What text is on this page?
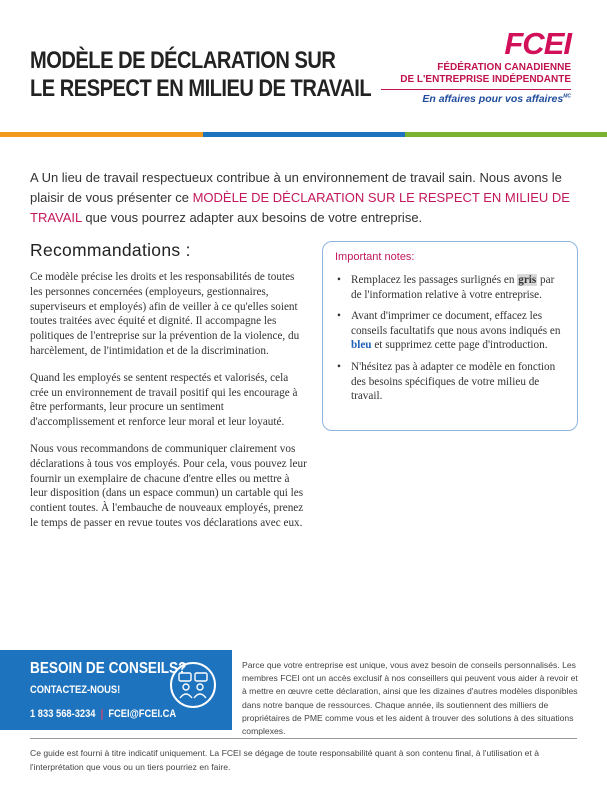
MODÈLE DE DÉCLARATION SUR
LE RESPECT EN MILIEU DE TRAVAIL
FCEI
FÉDÉRATION CANADIENNE
DE L'ENTREPRISE INDÉPENDANTE
En affaires pour vos affaires$^{MC}$
A Un lieu de travail respectueux contribue à un environnement de travail sain. Nous avons le plaisir de vous présenter ce MODÈLE DE DÉCLARATION SUR LE RESPECT EN MILIEU DE TRAVAIL que vous pourrez adapter aux besoins de votre entreprise.
Recommandations :

Ce modèle précise les droits et les responsabilités de toutes les personnes concernées (employeurs, gestionnaires, superviseurs et employés) afin de veiller à ce qu'elles soient toutes traitées avec équité et dignité. Il accompagne les politiques de l'entreprise sur la prévention de la violence, du harcèlement, de l'intimidation et de la discrimination.

Quand les employés se sentent respectés et valorisés, cela crée un environnement de travail positif qui les encourage à être performants, leur procure un sentiment d'accomplissement et renforce leur moral et leur loyauté.

Nous vous recommandons de communiquer clairement vos déclarations à tous vos employés. Pour cela, vous pouvez leur fournir un exemplaire de chacune d'entre elles ou mettre à leur disposition (dans un espace commun) un cartable qui les contient toutes. À l'embauche de nouveaux employés, prenez le temps de passer en revue toutes vos déclarations avec eux.

Important notes:
• Remplacez les passages surlignés en gris par de l'information relative à votre entreprise.
• Avant d'imprimer ce document, effacez les conseils facultatifs que nous avons indiqués en bleu et supprimez cette page d'introduction.
• N'hésitez pas à adapter ce modèle en fonction des besoins spécifiques de votre milieu de travail.
BESOIN DE CONSEILS?
CONTACTEZ-NOUS!
1 833 568-3234 | FCEI@FCEI.CA
Parce que votre entreprise est unique, vous avez besoin de conseils personnalisés. Les membres FCEI ont un accès exclusif à nos conseillers qui peuvent vous aider à revoir et à mettre en œuvre cette déclaration, ainsi que les dizaines d'autres modèles disponibles dans notre banque de ressources. Chaque année, ils soutiennent des milliers de propriétaires de PME comme vous et les aident à trouver des solutions à des situations complexes.
Ce guide est fourni à titre indicatif uniquement. La FCEI se dégage de toute responsabilité quant à son contenu final, à l'utilisation et à l'interprétation que vous ou un tiers pourriez en faire.
